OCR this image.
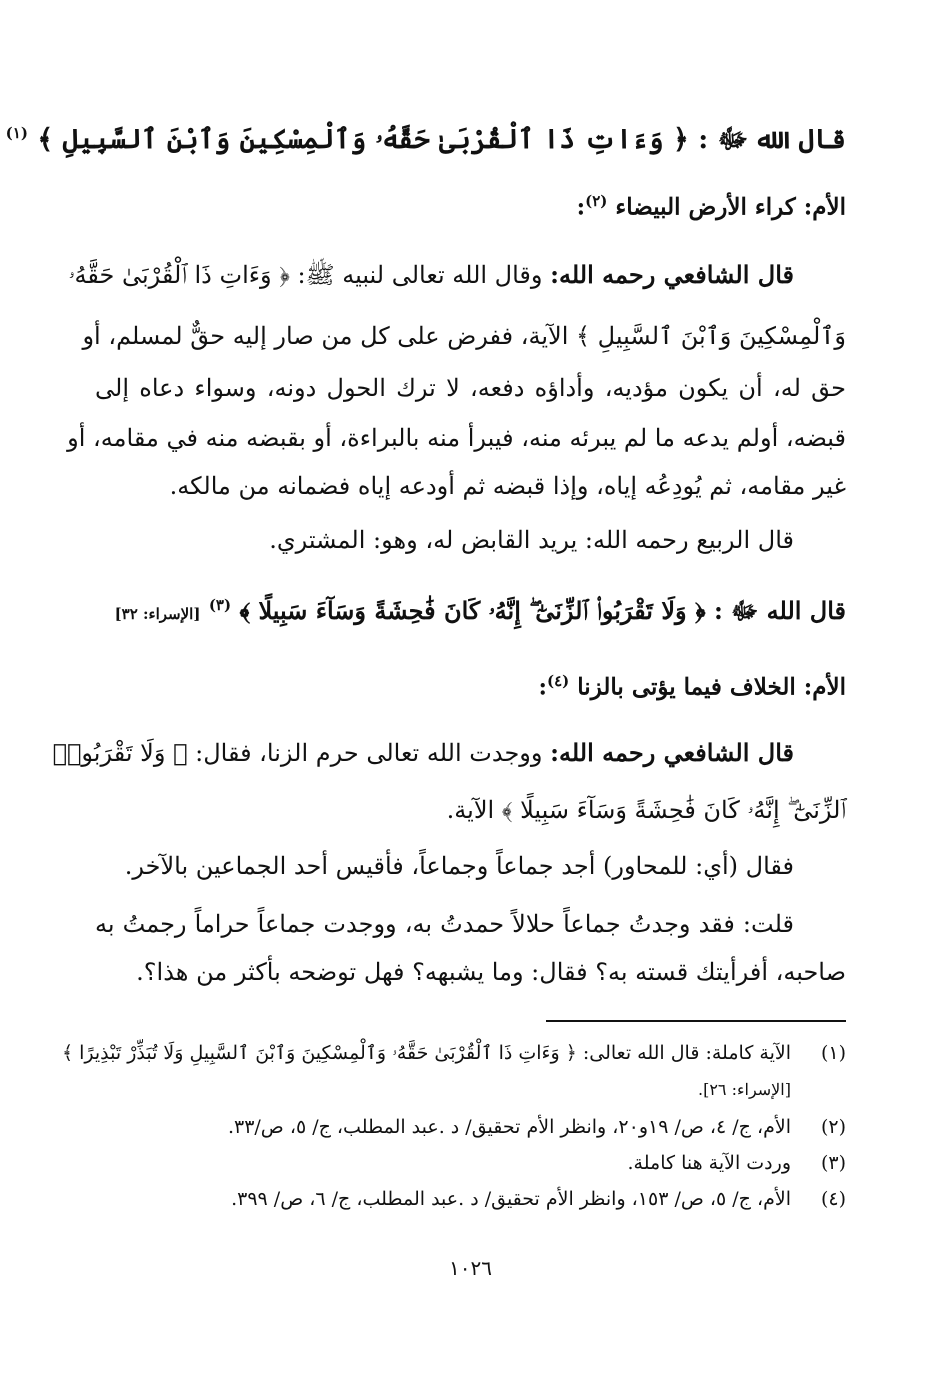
قال الله ﷻ : ﴿ وَءَاتِ ذَا ٱلْقُرْبَىٰ حَقَّهُۥ وَٱلْمِسْكِينَ وَٱبْنَ ٱلسَّبِيلِ ﴾ $^{(١)}$
الأم: كراء الأرض البيضاء $^{(٢)}$:
قال الشافعي رحمه الله: وقال الله تعالى لنبيه ﷺ: ﴿ وَءَاتِ ذَا ٱلْقُرْبَىٰ حَقَّهُۥ
وَٱلْمِسْكِينَ وَٱبْنَ ٱلسَّبِيلِ ﴾ الآية، ففرض على كل من صار إليه حقٌّ لمسلم، أو
حق له، أن يكون مؤديه، وأداؤه دفعه، لا ترك الحول دونه، وسواء دعاه إلى
قبضه، أولم يدعه ما لم يبرئه منه، فيبرأ منه بالبراءة، أو بقبضه منه في مقامه، أو
غير مقامه، ثم يُودِعُه إياه، وإذا قبضه ثم أودعه إياه فضمانه من مالكه.
قال الربيع رحمه الله: يريد القابض له، وهو: المشتري.
قال الله ﷻ : ﴿ وَلَا تَقْرَبُوا۟ ٱلزِّنَىٰٓ ۖ إِنَّهُۥ كَانَ فَٰحِشَةً وَسَآءَ سَبِيلًا ﴾ $^{(٣)}$ [الإسراء: ٣٢]
الأم: الخلاف فيما يؤتى بالزنا $^{(٤)}$:
قال الشافعي رحمه الله: ووجدت الله تعالى حرم الزنا، فقال: ﴿ وَلَا تَقْرَبُوا۟
ٱلزِّنَىٰٓ ۖ إِنَّهُۥ كَانَ فَٰحِشَةً وَسَآءَ سَبِيلًا ﴾ الآية.
فقال (أي: للمحاور) أجد جماعاً وجماعاً، فأقيس أحد الجماعين بالآخر.
قلت: فقد وجدتُ جماعاً حلالاً حمدتُ به، ووجدت جماعاً حراماً رجمتُ به
صاحبه، أفرأيتك قسته به؟ فقال: وما يشبهه؟ فهل توضحه بأكثر من هذا؟.
(١)الآية كاملة: قال الله تعالى: ﴿ وَءَاتِ ذَا ٱلْقُرْبَىٰ حَقَّهُۥ وَٱلْمِسْكِينَ وَٱبْنَ ٱلسَّبِيلِ وَلَا تُبَذِّرْ تَبْذِيرًا ﴾
[الإسراء: ٢٦].
(٢)الأم، ج/ ٤، ص/ ١٩و٢٠، وانظر الأم تحقيق/ د .عبد المطلب، ج/ ٥، ص/٣٣.
(٣)وردت الآية هنا كاملة.
(٤)الأم، ج/ ٥، ص/ ١٥٣، وانظر الأم تحقيق/ د .عبد المطلب، ج/ ٦، ص/ ٣٩٩.
١٠٢٦
